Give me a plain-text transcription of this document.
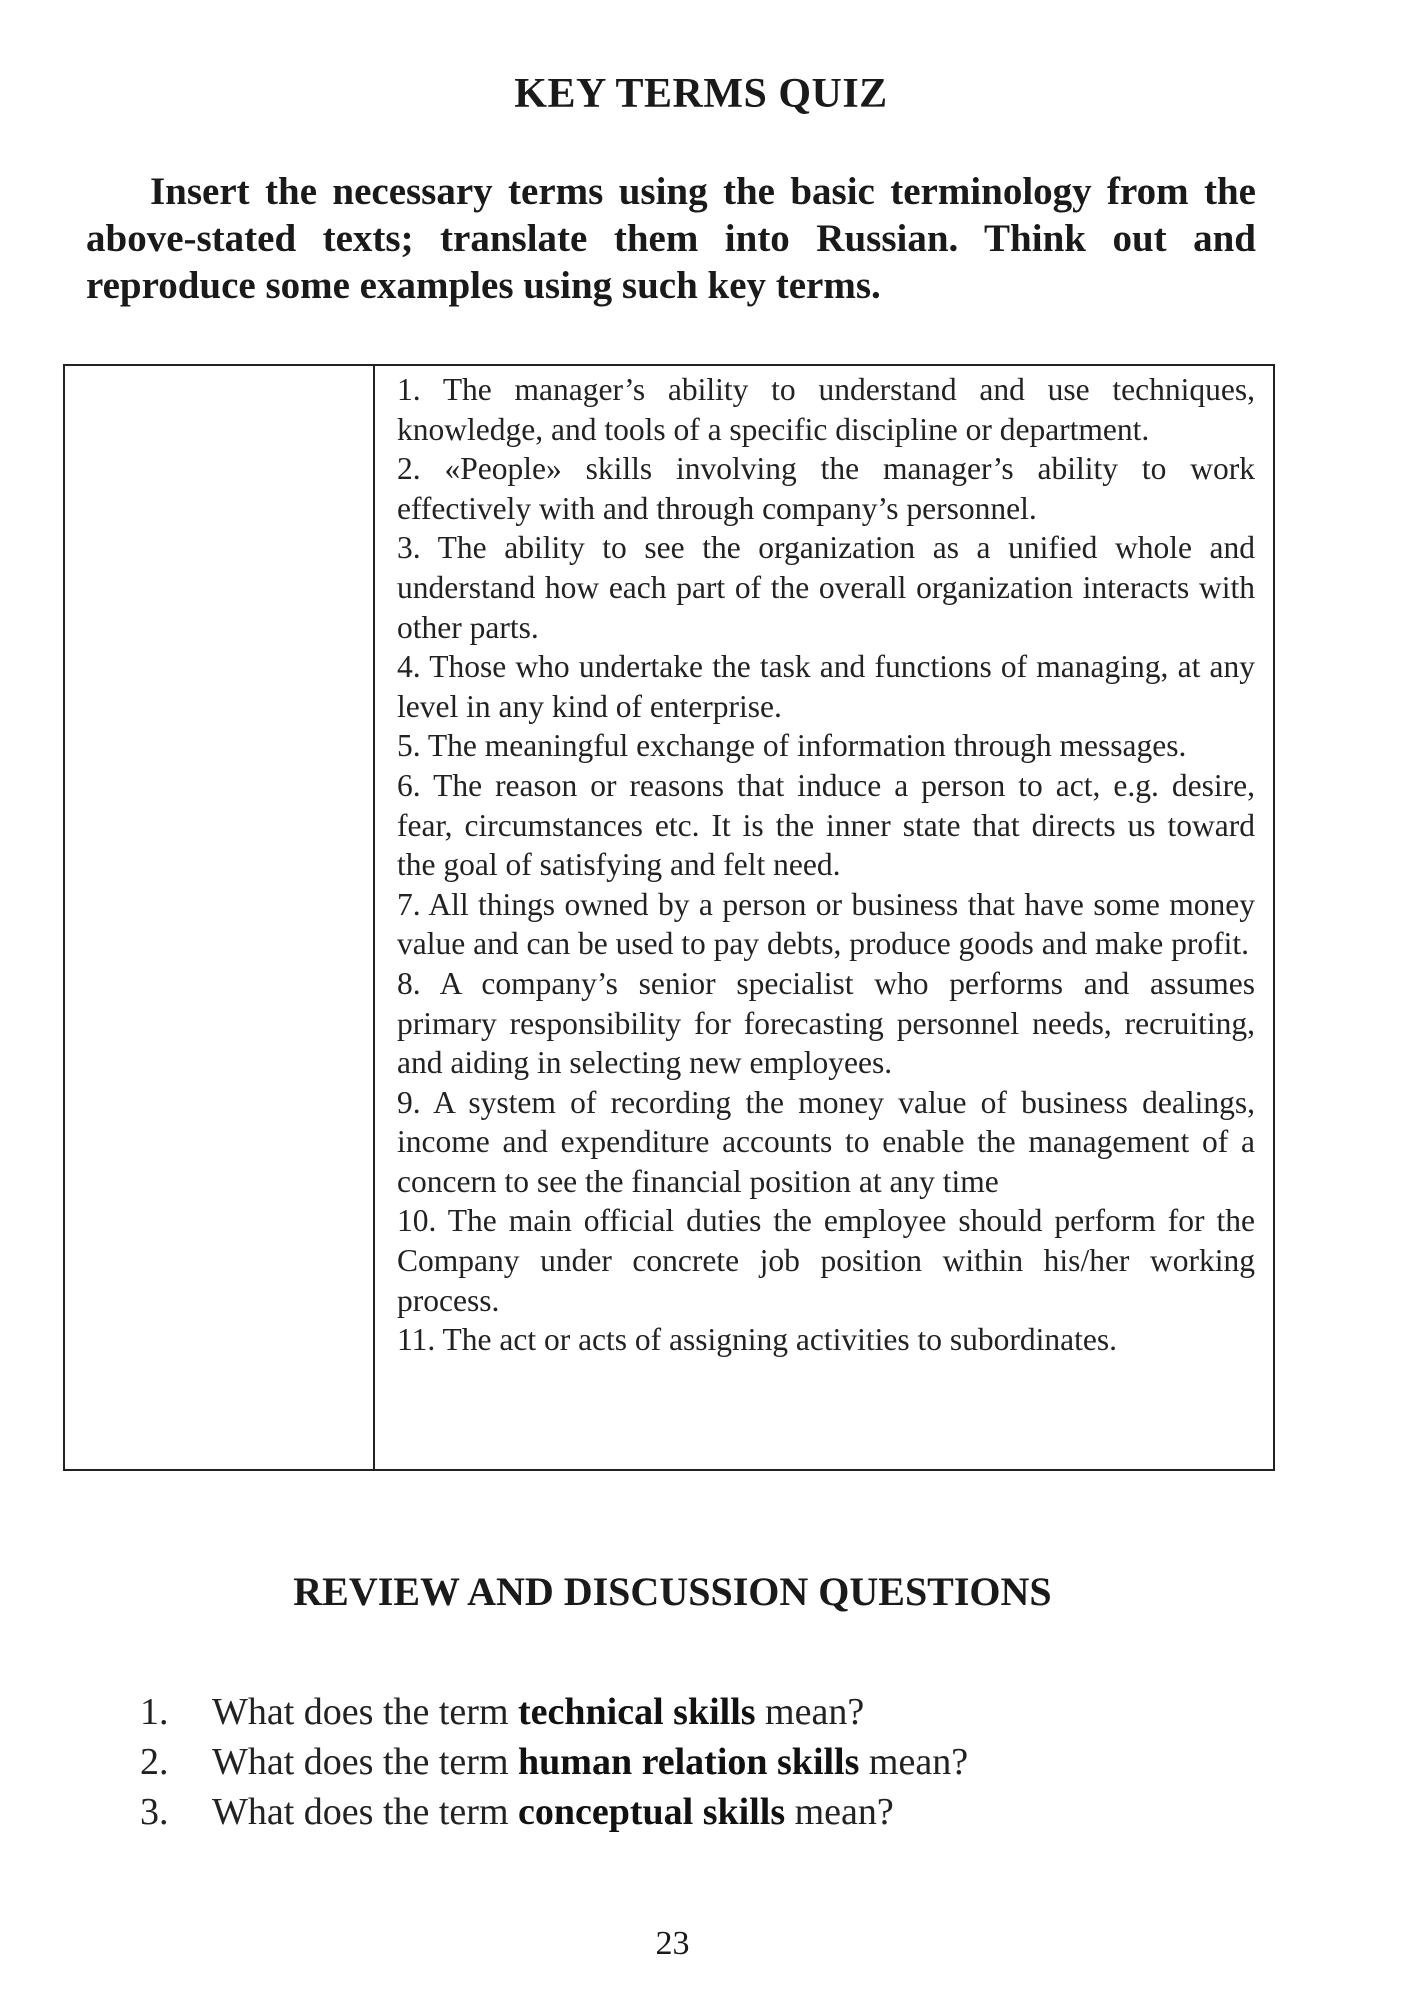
KEY TERMS QUIZ

Insert the necessary terms using the basic terminology from the above-stated texts; translate them into Russian. Think out and reproduce some examples using such key terms.

1. The manager’s ability to understand and use techniques, knowledge, and tools of a specific discipline or department.

2. «People» skills involving the manager’s ability to work effectively with and through company’s personnel.

3. The ability to see the organization as a unified whole and understand how each part of the overall organization interacts with other parts.

4. Those who undertake the task and functions of managing, at any level in any kind of enterprise.

5. The meaningful exchange of information through messages.

6. The reason or reasons that induce a person to act, e.g. desire, fear, circumstances etc. It is the inner state that directs us toward the goal of satisfying and felt need.

7. All things owned by a person or business that have some money value and can be used to pay debts, produce goods and make profit.

8. A company’s senior specialist who performs and assumes primary responsibility for forecasting personnel needs, recruiting, and aiding in selecting new employees.

9. A system of recording the money value of business dealings, income and expenditure accounts to enable the management of a concern to see the financial position at any time

10. The main official duties the employee should perform for the Company under concrete job position within his/her working process.

11. The act or acts of assigning activities to subordinates.

REVIEW AND DISCUSSION QUESTIONS
1. What does the term technical skills mean?
2. What does the term human relation skills mean?
3. What does the term conceptual skills mean?

23
